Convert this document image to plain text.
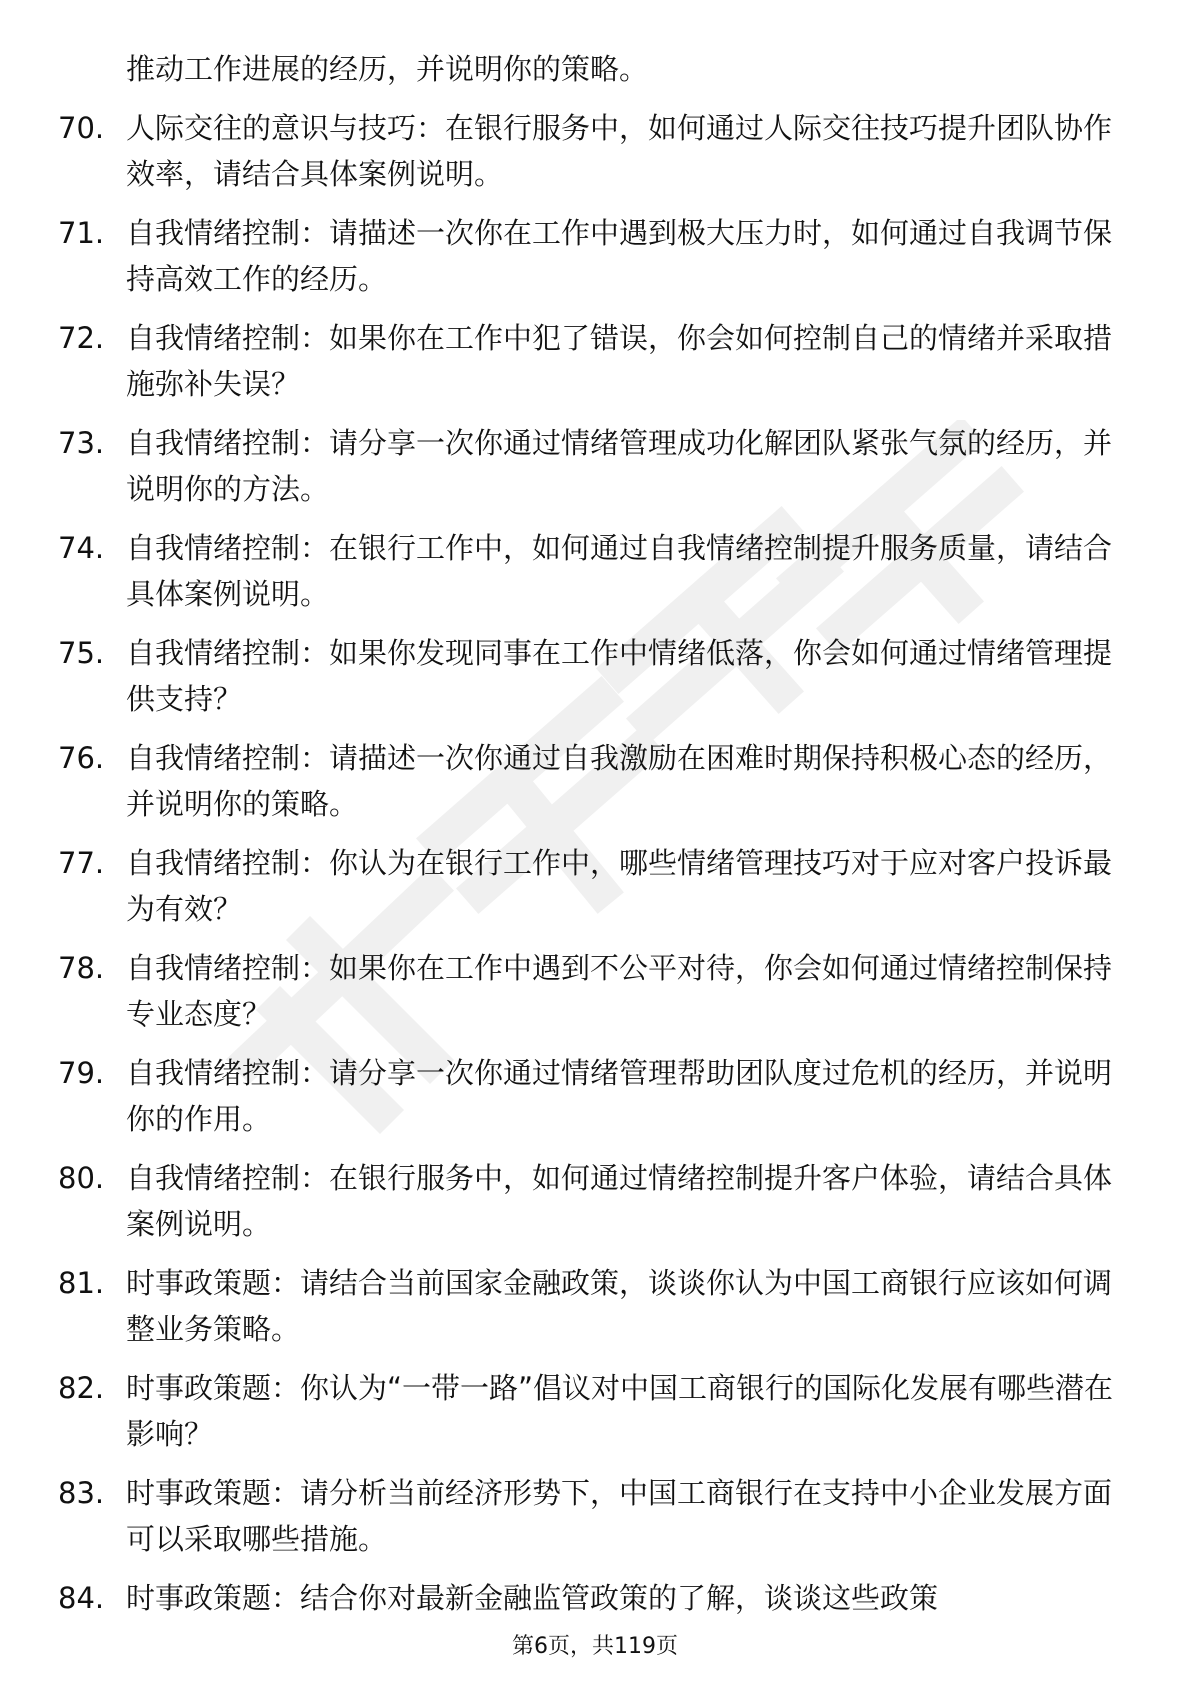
推动工作进展的经历，并说明你的策略。
70. 人际交往的意识与技巧：在银行服务中，如何通过人际交往技巧提升团队协作效率，请结合具体案例说明。
71. 自我情绪控制：请描述一次你在工作中遇到极大压力时，如何通过自我调节保持高效工作的经历。
72. 自我情绪控制：如果你在工作中犯了错误，你会如何控制自己的情绪并采取措施弥补失误？
73. 自我情绪控制：请分享一次你通过情绪管理成功化解团队紧张气氛的经历，并说明你的方法。
74. 自我情绪控制：在银行工作中，如何通过自我情绪控制提升服务质量，请结合具体案例说明。
75. 自我情绪控制：如果你发现同事在工作中情绪低落，你会如何通过情绪管理提供支持？
76. 自我情绪控制：请描述一次你通过自我激励在困难时期保持积极心态的经历，并说明你的策略。
77. 自我情绪控制：你认为在银行工作中，哪些情绪管理技巧对于应对客户投诉最为有效？
78. 自我情绪控制：如果你在工作中遇到不公平对待，你会如何通过情绪控制保持专业态度？
79. 自我情绪控制：请分享一次你通过情绪管理帮助团队度过危机的经历，并说明你的作用。
80. 自我情绪控制：在银行服务中，如何通过情绪控制提升客户体验，请结合具体案例说明。
81. 时事政策题：请结合当前国家金融政策，谈谈你认为中国工商银行应该如何调整业务策略。
82. 时事政策题：你认为“一带一路”倡议对中国工商银行的国际化发展有哪些潜在影响？
83. 时事政策题：请分析当前经济形势下，中国工商银行在支持中小企业发展方面可以采取哪些措施。
84. 时事政策题：结合你对最新金融监管政策的了解，谈谈这些政策
第6页，共119页
